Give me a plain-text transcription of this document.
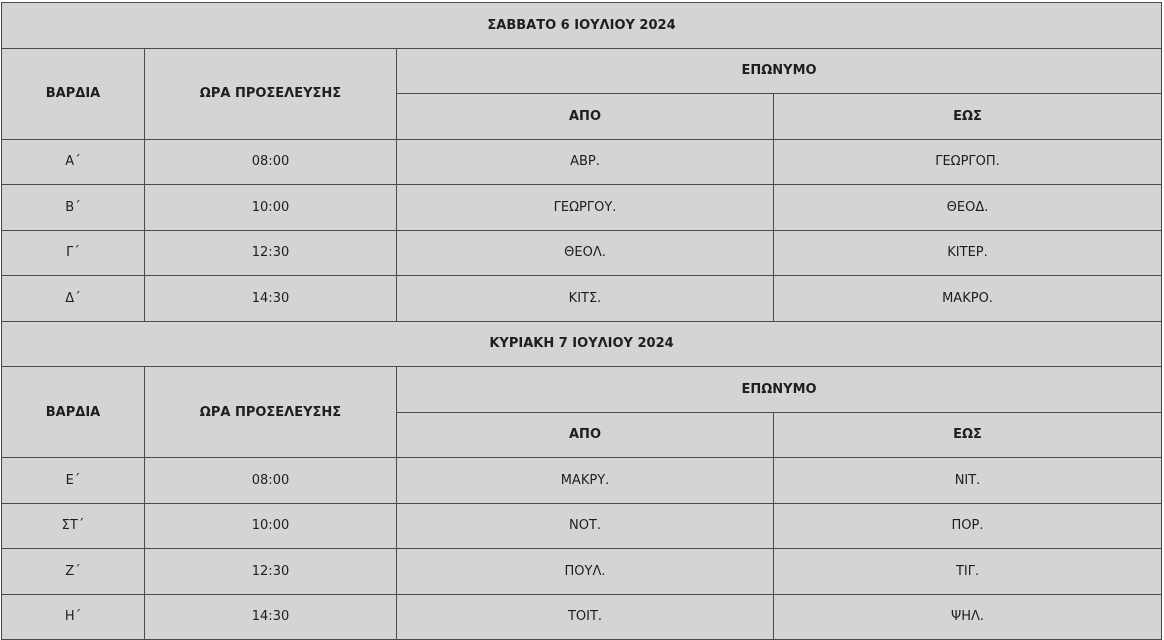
ΣΑΒΒΑΤΟ 6 ΙΟΥΛΙΟΥ 2024			
ΒΑΡΔΙΑ	ΩΡΑ ΠΡΟΣΕΛΕΥΣΗΣ	ΕΠΩΝΥΜΟ	
		ΑΠΟ	ΕΩΣ
Α΄	08:00	ΑΒΡ.	ΓΕΩΡΓΟΠ.
Β΄	10:00	ΓΕΩΡΓΟΥ.	ΘΕΟΔ.
Γ΄	12:30	ΘΕΟΛ.	ΚΙΤΕΡ.
Δ΄	14:30	ΚΙΤΣ.	ΜΑΚΡΟ.
ΚΥΡΙΑΚΗ 7 ΙΟΥΛΙΟΥ 2024			
ΒΑΡΔΙΑ	ΩΡΑ ΠΡΟΣΕΛΕΥΣΗΣ	ΕΠΩΝΥΜΟ	
		ΑΠΟ	ΕΩΣ
Ε΄	08:00	ΜΑΚΡΥ.	ΝΙΤ.
ΣΤ΄	10:00	ΝΟΤ.	ΠΟΡ.
Ζ΄	12:30	ΠΟΥΛ.	ΤΙΓ.
Η΄	14:30	ΤΟΙΤ.	ΨΗΛ.
